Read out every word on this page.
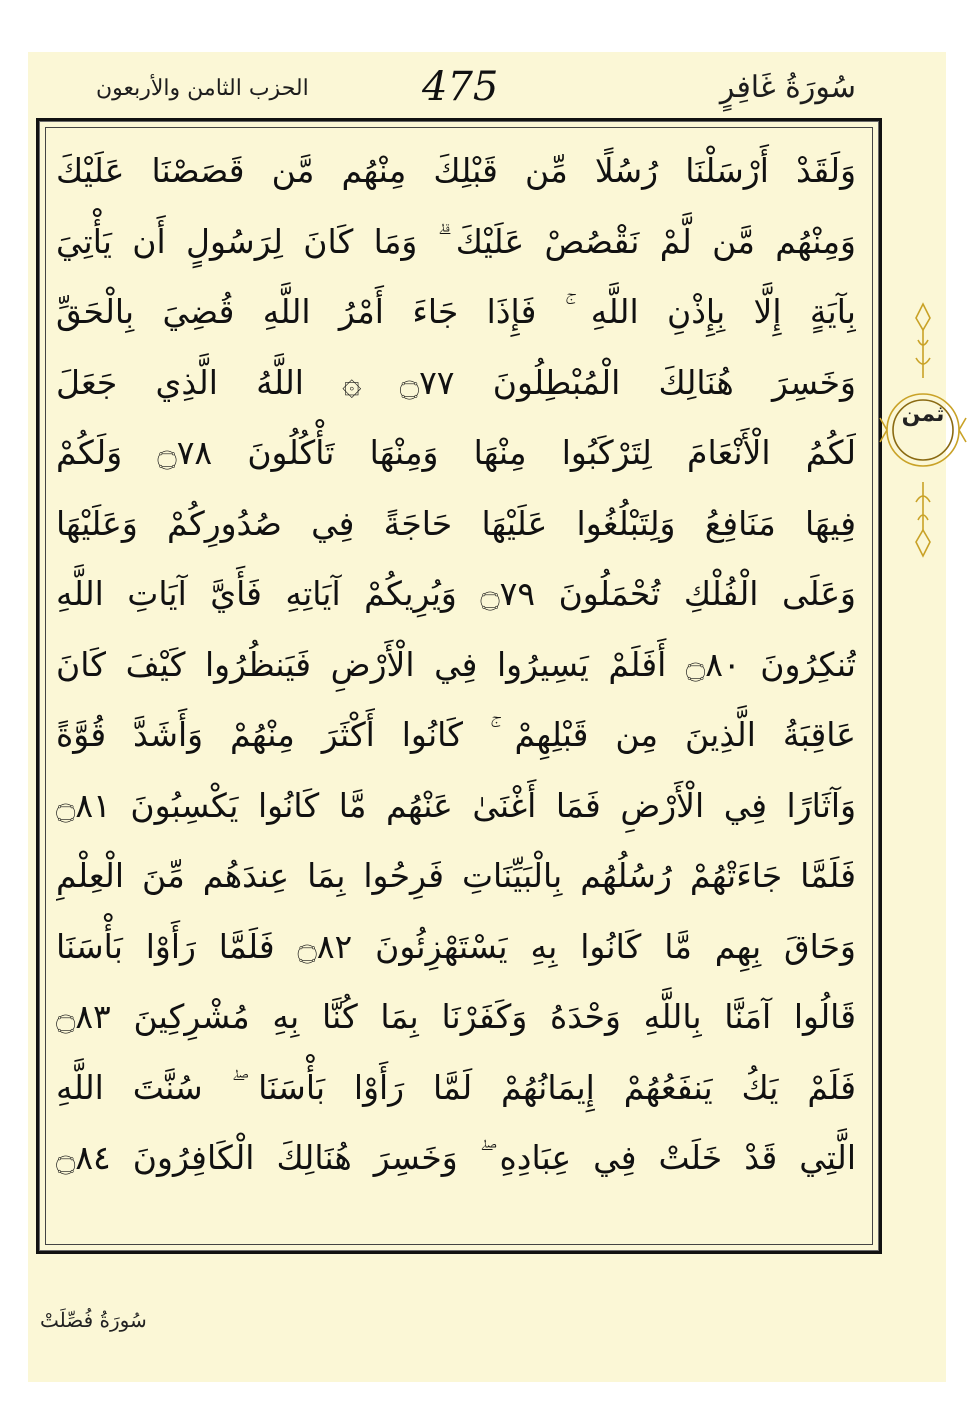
سُورَةُ غَافِرٍ
475
الحزب الثامن والأربعون
وَلَقَدْ أَرْسَلْنَا رُسُلًا مِّن قَبْلِكَ مِنْهُم مَّن قَصَصْنَا عَلَيْكَ
وَمِنْهُم مَّن لَّمْ نَقْصُصْ عَلَيْكَ ۗ وَمَا كَانَ لِرَسُولٍ أَن يَأْتِيَ
بِآيَةٍ إِلَّا بِإِذْنِ اللَّهِ ۚ فَإِذَا جَاءَ أَمْرُ اللَّهِ قُضِيَ بِالْحَقِّ
وَخَسِرَ هُنَالِكَ الْمُبْطِلُونَ ۝٧٧ ۞ اللَّهُ الَّذِي جَعَلَ
لَكُمُ الْأَنْعَامَ لِتَرْكَبُوا مِنْهَا وَمِنْهَا تَأْكُلُونَ ۝٧٨ وَلَكُمْ
فِيهَا مَنَافِعُ وَلِتَبْلُغُوا عَلَيْهَا حَاجَةً فِي صُدُورِكُمْ وَعَلَيْهَا
وَعَلَى الْفُلْكِ تُحْمَلُونَ ۝٧٩ وَيُرِيكُمْ آيَاتِهِ فَأَيَّ آيَاتِ اللَّهِ
تُنكِرُونَ ۝٨٠ أَفَلَمْ يَسِيرُوا فِي الْأَرْضِ فَيَنظُرُوا كَيْفَ كَانَ
عَاقِبَةُ الَّذِينَ مِن قَبْلِهِمْ ۚ كَانُوا أَكْثَرَ مِنْهُمْ وَأَشَدَّ قُوَّةً
وَآثَارًا فِي الْأَرْضِ فَمَا أَغْنَىٰ عَنْهُم مَّا كَانُوا يَكْسِبُونَ ۝٨١
فَلَمَّا جَاءَتْهُمْ رُسُلُهُم بِالْبَيِّنَاتِ فَرِحُوا بِمَا عِندَهُم مِّنَ الْعِلْمِ
وَحَاقَ بِهِم مَّا كَانُوا بِهِ يَسْتَهْزِئُونَ ۝٨٢ فَلَمَّا رَأَوْا بَأْسَنَا
قَالُوا آمَنَّا بِاللَّهِ وَحْدَهُ وَكَفَرْنَا بِمَا كُنَّا بِهِ مُشْرِكِينَ ۝٨٣
فَلَمْ يَكُ يَنفَعُهُمْ إِيمَانُهُمْ لَمَّا رَأَوْا بَأْسَنَا ۖ سُنَّتَ اللَّهِ
الَّتِي قَدْ خَلَتْ فِي عِبَادِهِ ۖ وَخَسِرَ هُنَالِكَ الْكَافِرُونَ ۝٨٤
ثمن
سُورَةُ فُصِّلَتْ
